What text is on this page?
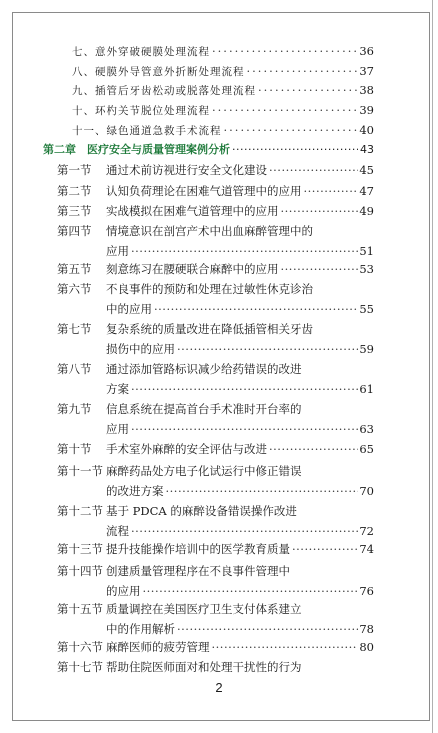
七、意外穿破硬膜处理流程 ·····	36
八、硬膜外导管意外折断处理流程 ·····	37
九、插管后牙齿松动或脱落处理流程 ·····	38
十、环杓关节脱位处理流程 ·····	39
十一、绿色通道急救手术流程 ·····	40
第二章　医疗安全与质量管理案例分析 ·····	43
第一节 通过术前访视进行安全文化建设 ·····	45
第二节 认知负荷理论在困难气道管理中的应用 ·····	47
第三节 实战模拟在困难气道管理中的应用 ·····	49
第四节 情境意识在剖宫产术中出血麻醉管理中的
应用 ·····	51
第五节 刻意练习在腰硬联合麻醉中的应用 ·····	53
第六节 不良事件的预防和处理在过敏性休克诊治
中的应用 ·····	55
第七节 复杂系统的质量改进在降低插管相关牙齿
损伤中的应用 ·····	59
第八节 通过添加管路标识减少给药错误的改进
方案 ·····	61
第九节 信息系统在提高首台手术准时开台率的
应用 ·····	63
第十节 手术室外麻醉的安全评估与改进 ·····	65
第十一节 麻醉药品处方电子化试运行中修正错误
的改进方案 ·····	70
第十二节 基于 PDCA 的麻醉设备错误操作改进
流程 ·····	72
第十三节 提升技能操作培训中的医学教育质量 ·····	74
第十四节 创建质量管理程序在不良事件管理中
的应用 ·····	76
第十五节 质量调控在美国医疗卫生支付体系建立
中的作用解析 ·····	78
第十六节 麻醉医师的疲劳管理 ·····	80
第十七节 帮助住院医师面对和处理干扰性的行为
2
